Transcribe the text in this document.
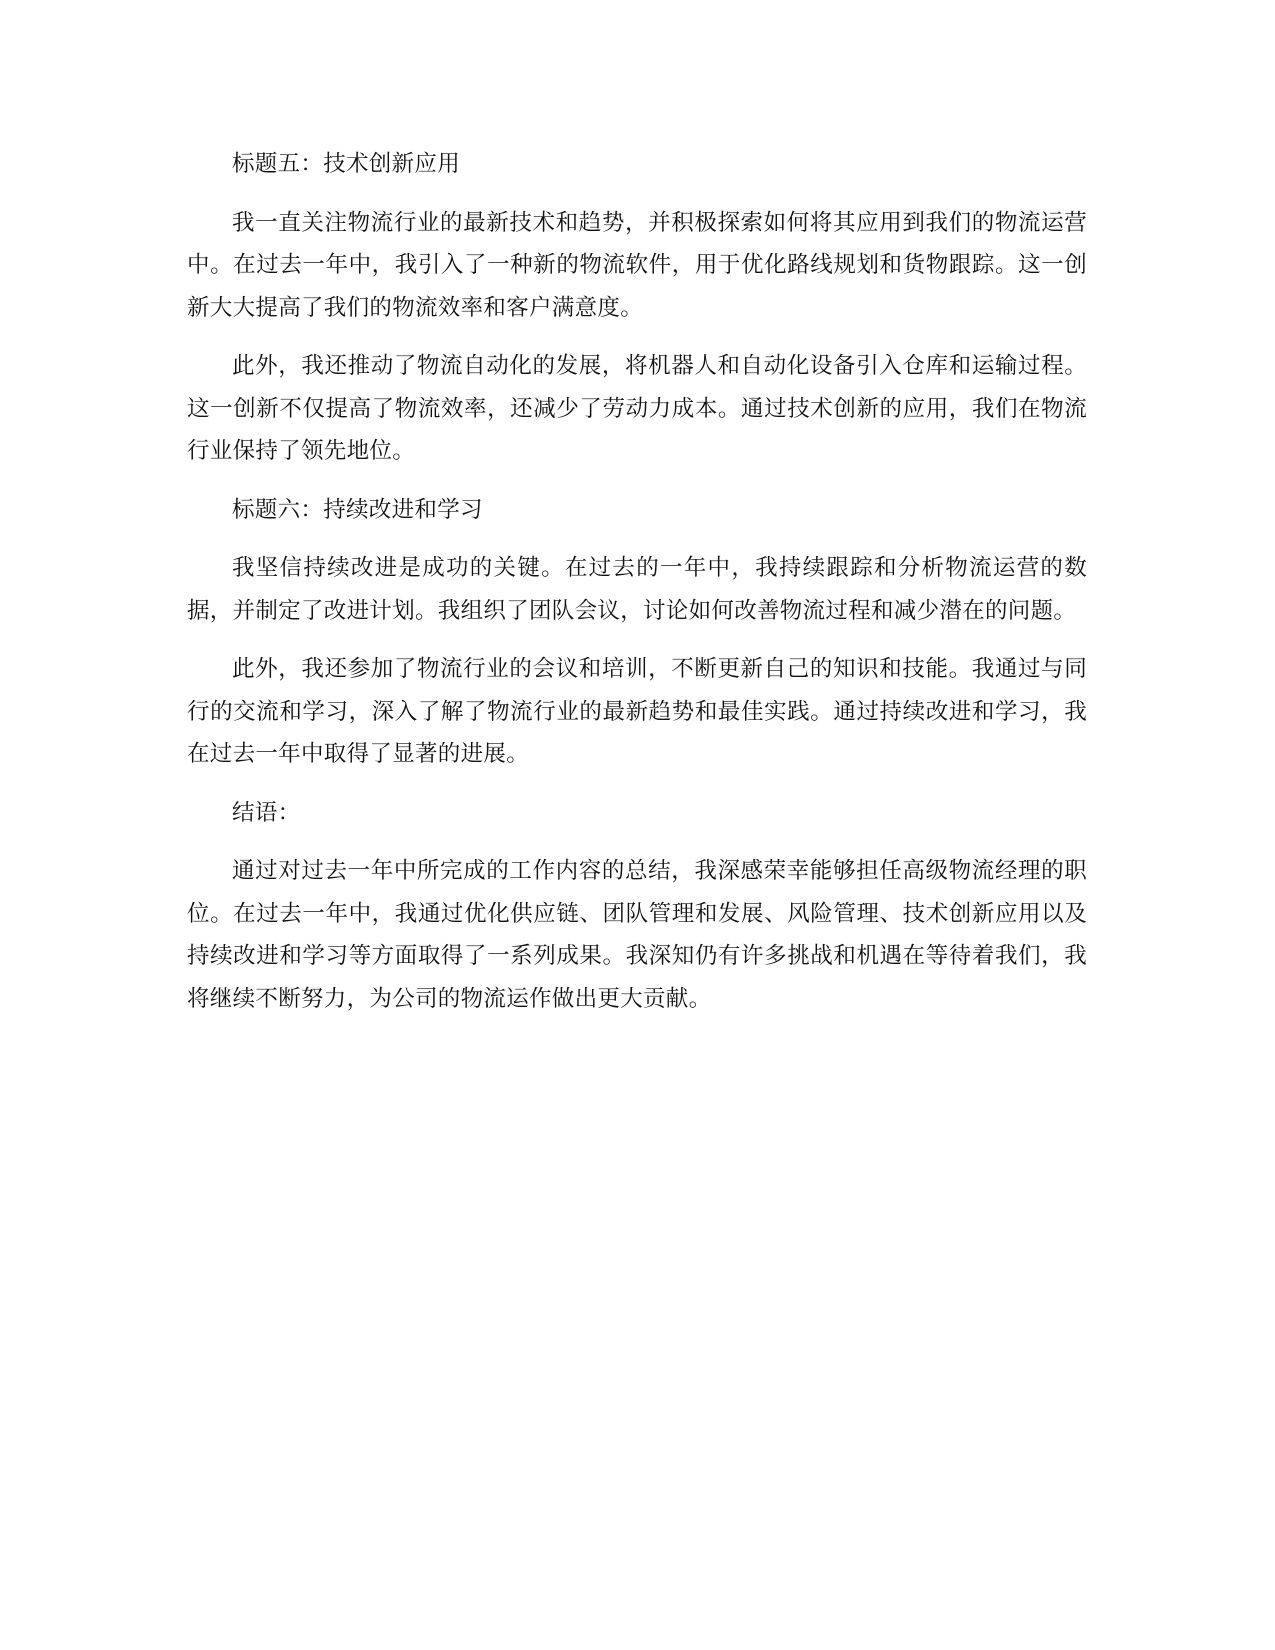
标题五：技术创新应用

我一直关注物流行业的最新技术和趋势，并积极探索如何将其应用到我们的物流运营中。在过去一年中，我引入了一种新的物流软件，用于优化路线规划和货物跟踪。这一创新大大提高了我们的物流效率和客户满意度。

此外，我还推动了物流自动化的发展，将机器人和自动化设备引入仓库和运输过程。这一创新不仅提高了物流效率，还减少了劳动力成本。通过技术创新的应用，我们在物流行业保持了领先地位。

标题六：持续改进和学习

我坚信持续改进是成功的关键。在过去的一年中，我持续跟踪和分析物流运营的数据，并制定了改进计划。我组织了团队会议，讨论如何改善物流过程和减少潜在的问题。

此外，我还参加了物流行业的会议和培训，不断更新自己的知识和技能。我通过与同行的交流和学习，深入了解了物流行业的最新趋势和最佳实践。通过持续改进和学习，我在过去一年中取得了显著的进展。

结语：

通过对过去一年中所完成的工作内容的总结，我深感荣幸能够担任高级物流经理的职位。在过去一年中，我通过优化供应链、团队管理和发展、风险管理、技术创新应用以及持续改进和学习等方面取得了一系列成果。我深知仍有许多挑战和机遇在等待着我们，我将继续不断努力，为公司的物流运作做出更大贡献。
